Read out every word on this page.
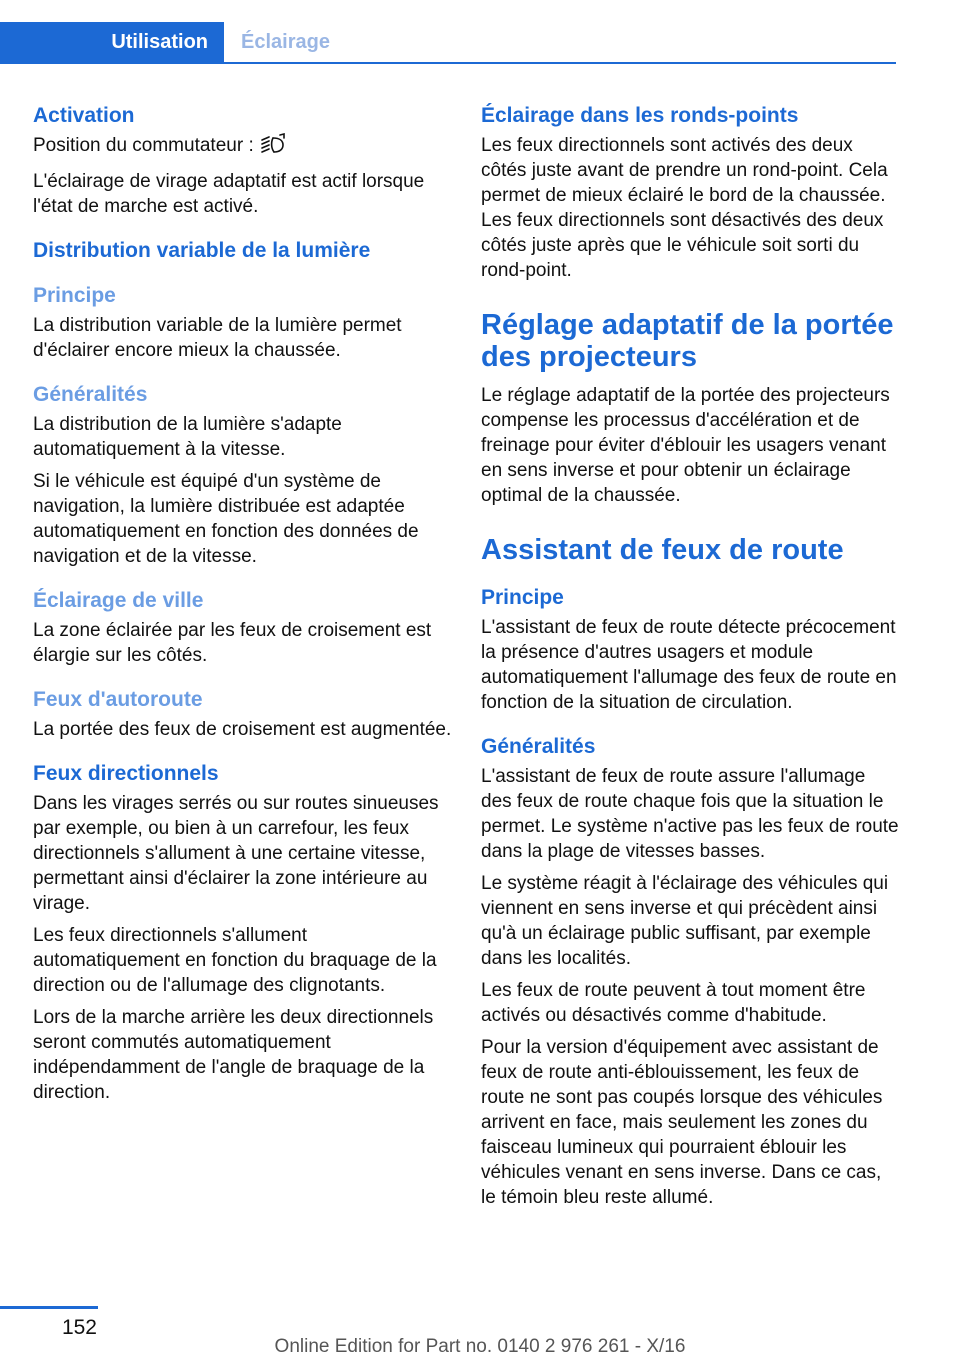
Utilisation	Éclairage
Activation

Position du commutateur :

L'éclairage de virage adaptatif est actif lorsque l'état de marche est activé.

Distribution variable de la lumière
Principe

La distribution variable de la lumière permet d'éclairer encore mieux la chaussée.

Généralités

La distribution de la lumière s'adapte automatiquement à la vitesse.

Si le véhicule est équipé d'un système de navigation, la lumière distribuée est adaptée automatiquement en fonction des données de navigation et de la vitesse.

Éclairage de ville

La zone éclairée par les feux de croisement est élargie sur les côtés.

Feux d'autoroute

La portée des feux de croisement est augmentée.

Feux directionnels

Dans les virages serrés ou sur routes sinueuses par exemple, ou bien à un carrefour, les feux directionnels s'allument à une certaine vitesse, permettant ainsi d'éclairer la zone intérieure au virage.

Les feux directionnels s'allument automatiquement en fonction du braquage de la direction ou de l'allumage des clignotants.

Lors de la marche arrière les deux directionnels seront commutés automatiquement indépendamment de l'angle de braquage de la direction.

Éclairage dans les ronds-points

Les feux directionnels sont activés des deux côtés juste avant de prendre un rond-point. Cela permet de mieux éclairé le bord de la chaussée. Les feux directionnels sont désactivés des deux côtés juste après que le véhicule soit sorti du rond-point.

Réglage adaptatif de la portée des projecteurs

Le réglage adaptatif de la portée des projecteurs compense les processus d'accélération et de freinage pour éviter d'éblouir les usagers venant en sens inverse et pour obtenir un éclairage optimal de la chaussée.

Assistant de feux de route
Principe

L'assistant de feux de route détecte précocement la présence d'autres usagers et module automatiquement l'allumage des feux de route en fonction de la situation de circulation.

Généralités

L'assistant de feux de route assure l'allumage des feux de route chaque fois que la situation le permet. Le système n'active pas les feux de route dans la plage de vitesses basses.

Le système réagit à l'éclairage des véhicules qui viennent en sens inverse et qui précèdent ainsi qu'à un éclairage public suffisant, par exemple dans les localités.

Les feux de route peuvent à tout moment être activés ou désactivés comme d'habitude.

Pour la version d'équipement avec assistant de feux de route anti-éblouissement, les feux de route ne sont pas coupés lorsque des véhicules arrivent en face, mais seulement les zones du faisceau lumineux qui pourraient éblouir les véhicules venant en sens inverse. Dans ce cas, le témoin bleu reste allumé.

152
Online Edition for Part no. 0140 2 976 261 - X/16
